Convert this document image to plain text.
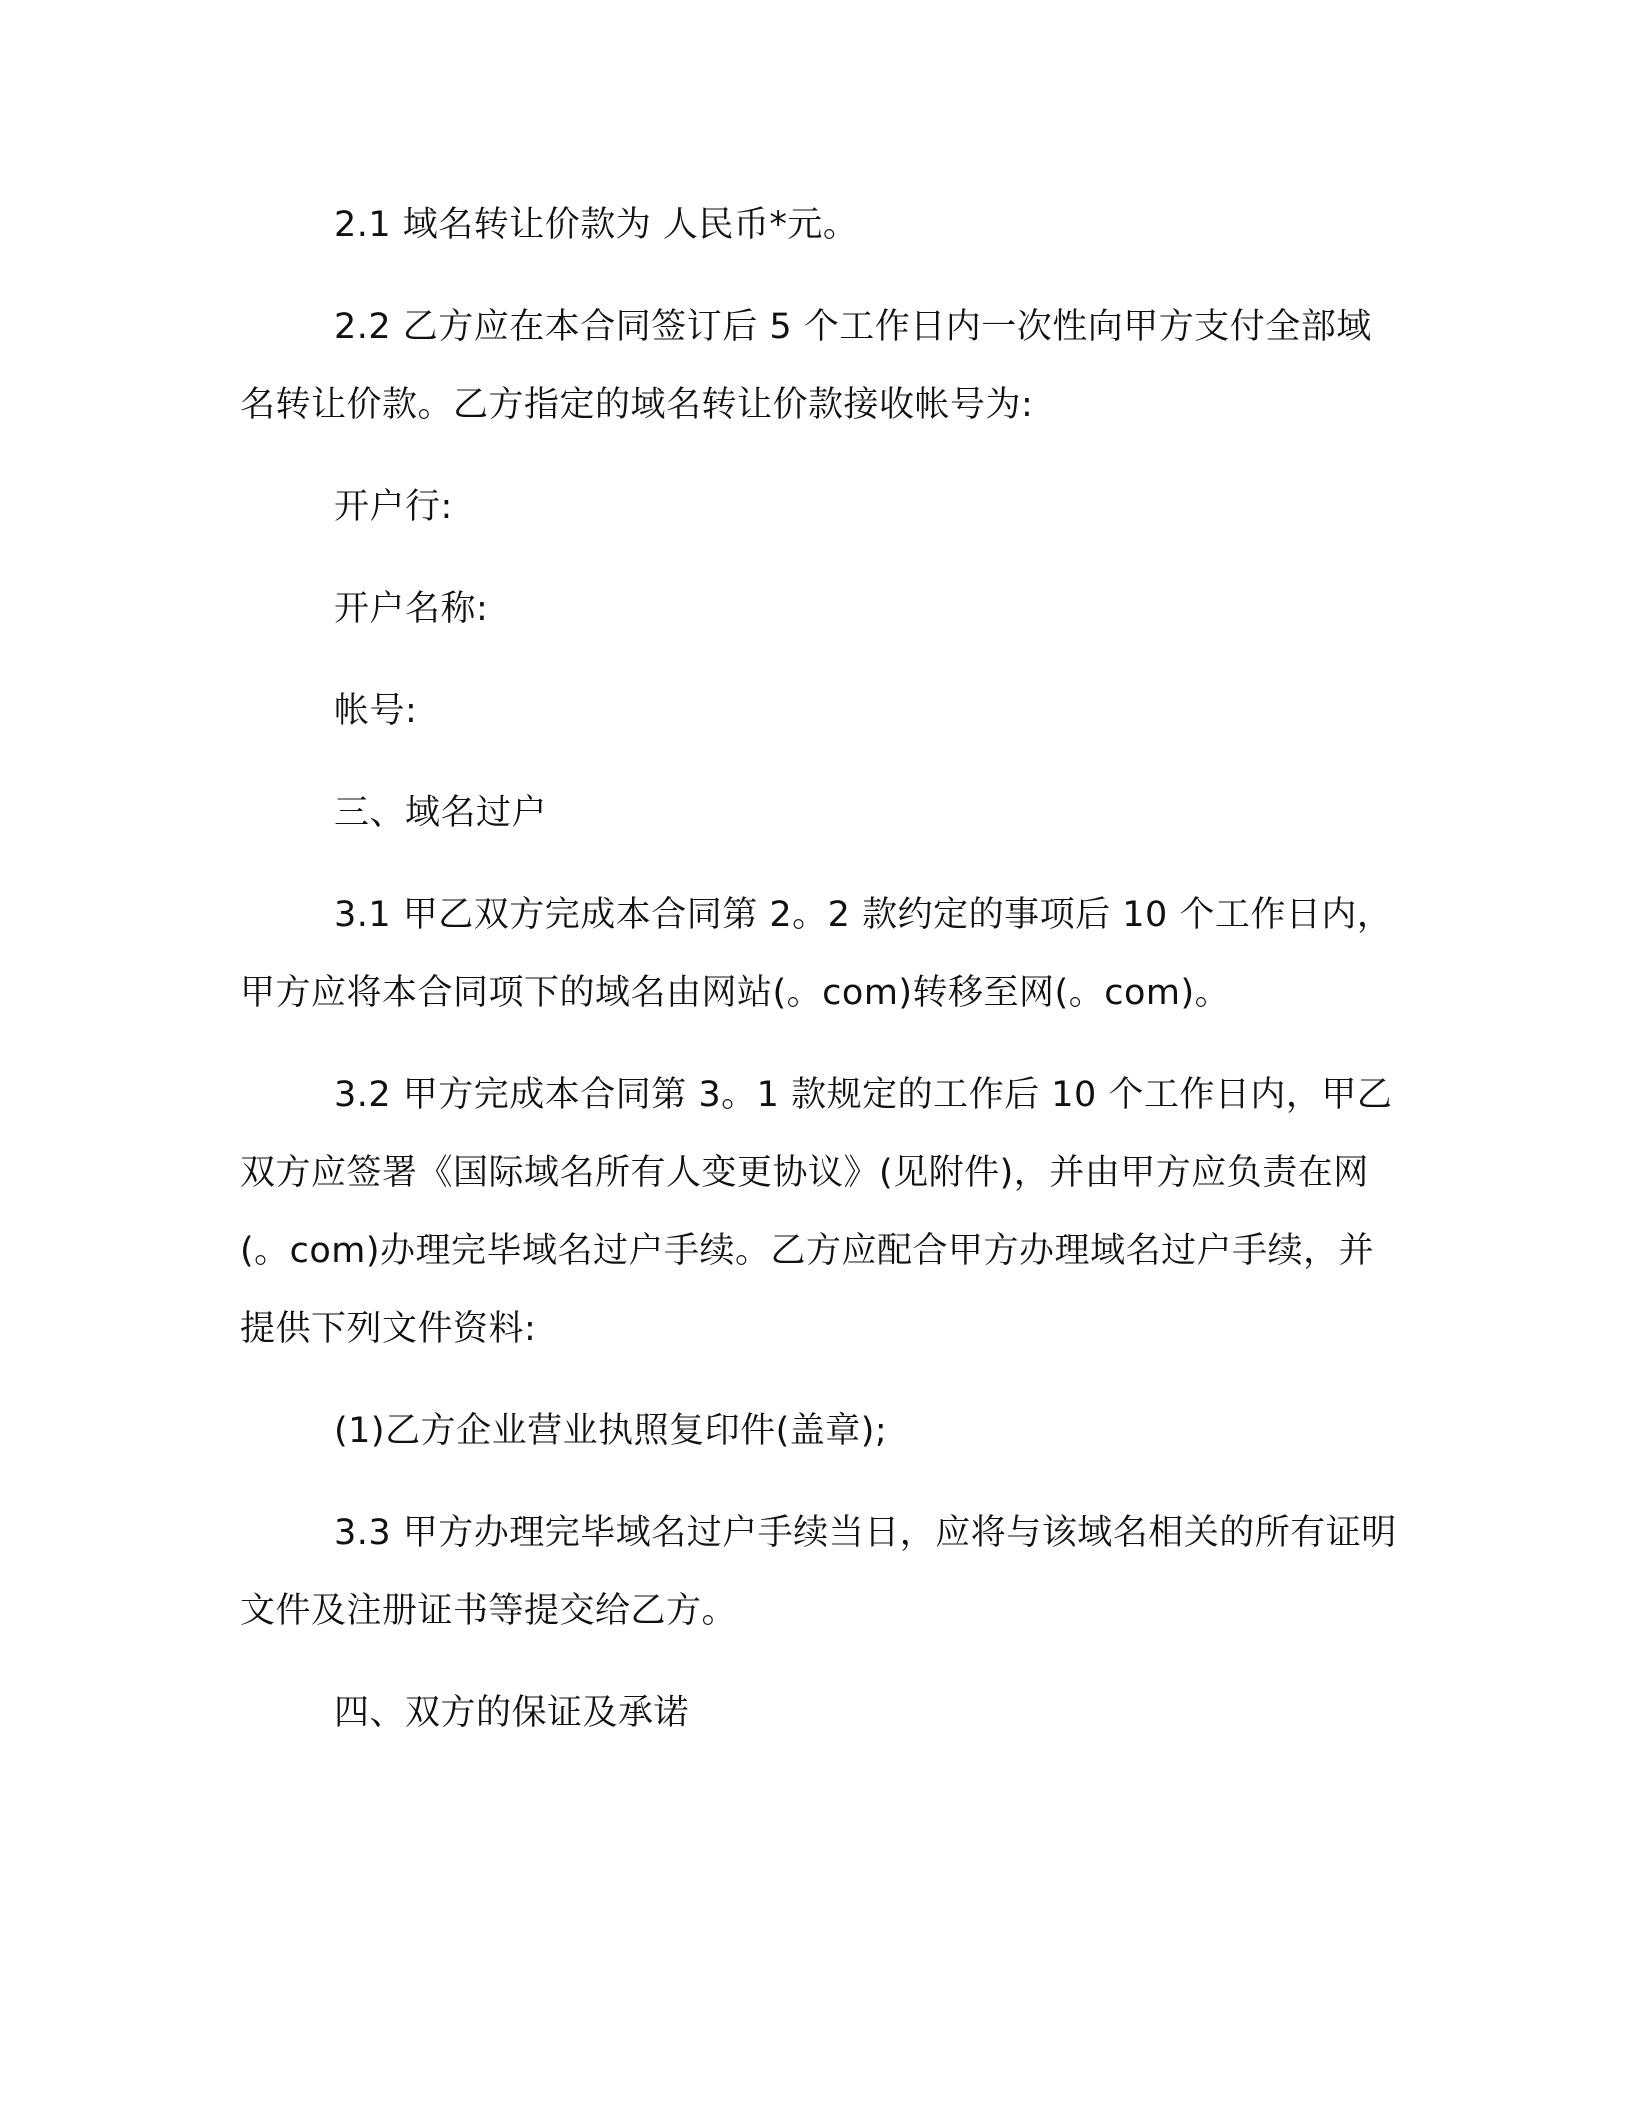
2.1 域名转让价款为 人民币*元。

2.2 乙方应在本合同签订后 5 个工作日内一次性向甲方支付全部域名转让价款。乙方指定的域名转让价款接收帐号为:

开户行:

开户名称:

帐号:

三、域名过户

3.1 甲乙双方完成本合同第 2。2 款约定的事项后 10 个工作日内，甲方应将本合同项下的域名由网站(。com)转移至网(。com)。

3.2 甲方完成本合同第 3。1 款规定的工作后 10 个工作日内，甲乙双方应签署《国际域名所有人变更协议》(见附件)，并由甲方应负责在网(。com)办理完毕域名过户手续。乙方应配合甲方办理域名过户手续，并提供下列文件资料:

(1)乙方企业营业执照复印件(盖章);

3.3 甲方办理完毕域名过户手续当日，应将与该域名相关的所有证明文件及注册证书等提交给乙方。

四、双方的保证及承诺
